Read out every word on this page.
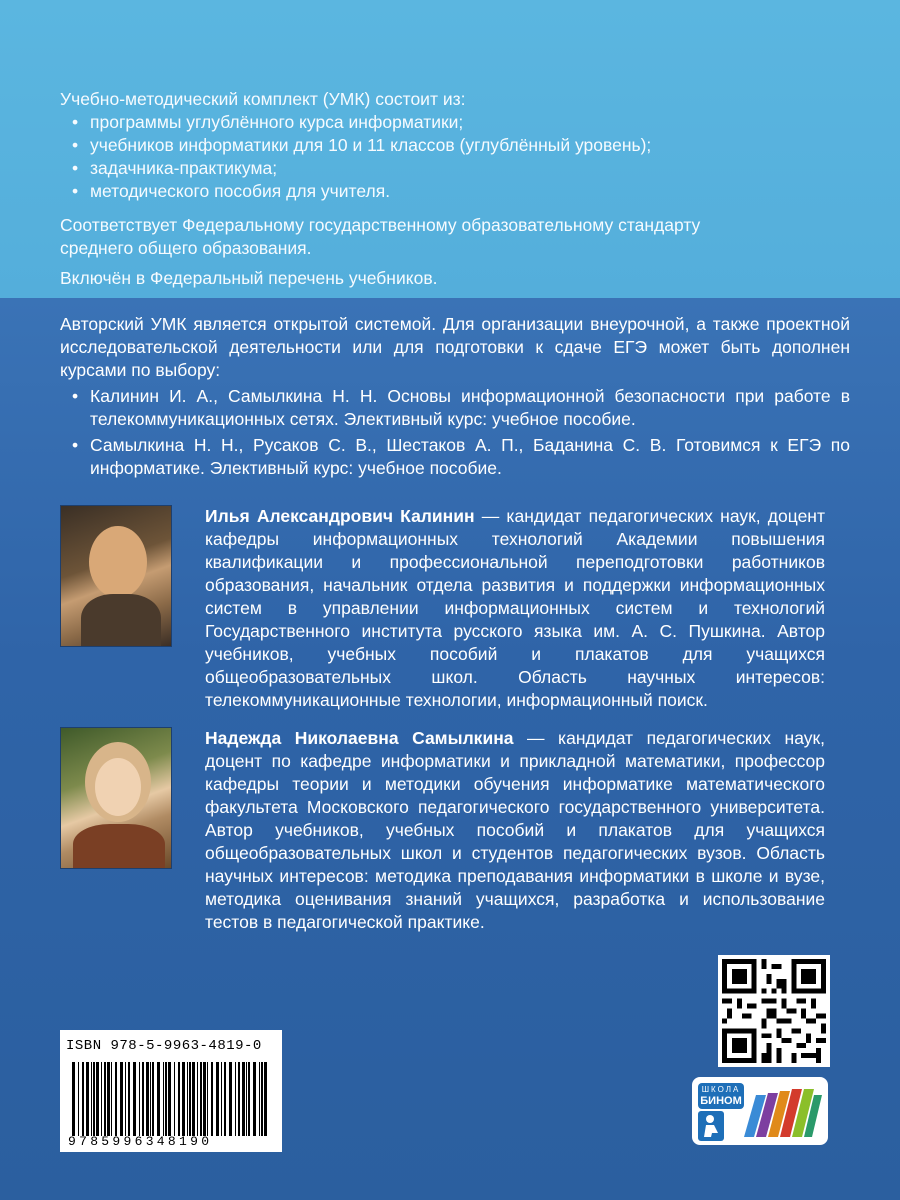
Учебно-методический комплект (УМК) состоит из:

• программы углублённого курса информатики;
• учебников информатики для 10 и 11 классов (углублённый уровень);
• задачника-практикума;
• методического пособия для учителя.
Соответствует Федеральному государственному образовательному стандарту
среднего общего образования.
Включён в Федеральный перечень учебников.

Авторский УМК является открытой системой. Для организации внеурочной, а также проектной исследовательской деятельности или для подготовки к сдаче ЕГЭ может быть дополнен курсами по выбору:

• Калинин И. А., Самылкина Н. Н. Основы информационной безопасности при работе в телекоммуникационных сетях. Элективный курс: учебное пособие.
• Самылкина Н. Н., Русаков С. В., Шестаков А. П., Баданина С. В. Готовимся к ЕГЭ по информатике. Элективный курс: учебное пособие.
Илья Александрович Калинин — кандидат педагогических наук, доцент кафедры информационных технологий Академии повышения квалификации и профессиональной переподготовки работников образования, начальник отдела развития и поддержки информационных систем в управлении информационных систем и технологий Государственного института русского языка им. А. С. Пушкина. Автор учебников, учебных пособий и плакатов для учащихся общеобразовательных школ. Область научных интересов: телекоммуникационные технологии, информационный поиск.
Надежда Николаевна Самылкина — кандидат педагогических наук, доцент по кафедре информатики и прикладной математики, профессор кафедры теории и методики обучения информатике математического факультета Московского педагогического государственного университета. Автор учебников, учебных пособий и плакатов для учащихся общеобразовательных школ и студентов педагогических вузов. Область научных интересов: методика преподавания информатики в школе и вузе, методика оценивания знаний учащихся, разработка и использование тестов в педагогической практике.
ISBN 978-5-9963-4819-0
9785996348190
ШКОЛА
БИНОМ
